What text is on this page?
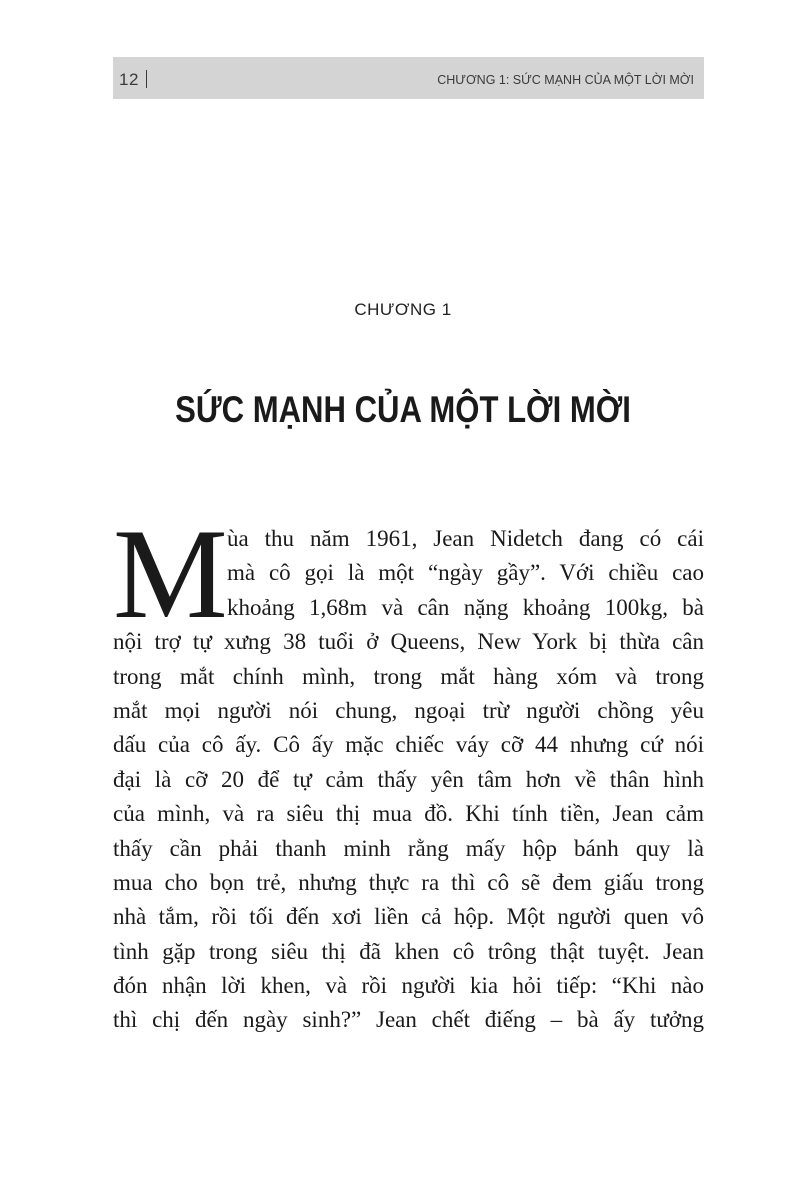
12	CHƯƠNG 1: SỨC MẠNH CỦA MỘT LỜI MỜI
CHƯƠNG 1
SỨC MẠNH CỦA MỘT LỜI MỜI
M ùa thu năm 1961, Jean Nidetch đang có cái
mà cô gọi là một “ngày gầy”. Với chiều cao
khoảng 1,68m và cân nặng khoảng 100kg, bà
nội trợ tự xưng 38 tuổi ở Queens, New York bị thừa cân
trong mắt chính mình, trong mắt hàng xóm và trong
mắt mọi người nói chung, ngoại trừ người chồng yêu
dấu của cô ấy. Cô ấy mặc chiếc váy cỡ 44 nhưng cứ nói
đại là cỡ 20 để tự cảm thấy yên tâm hơn về thân hình
của mình, và ra siêu thị mua đồ. Khi tính tiền, Jean cảm
thấy cần phải thanh minh rằng mấy hộp bánh quy là
mua cho bọn trẻ, nhưng thực ra thì cô sẽ đem giấu trong
nhà tắm, rồi tối đến xơi liền cả hộp. Một người quen vô
tình gặp trong siêu thị đã khen cô trông thật tuyệt. Jean
đón nhận lời khen, và rồi người kia hỏi tiếp: “Khi nào
thì chị đến ngày sinh?” Jean chết điếng – bà ấy tưởng
